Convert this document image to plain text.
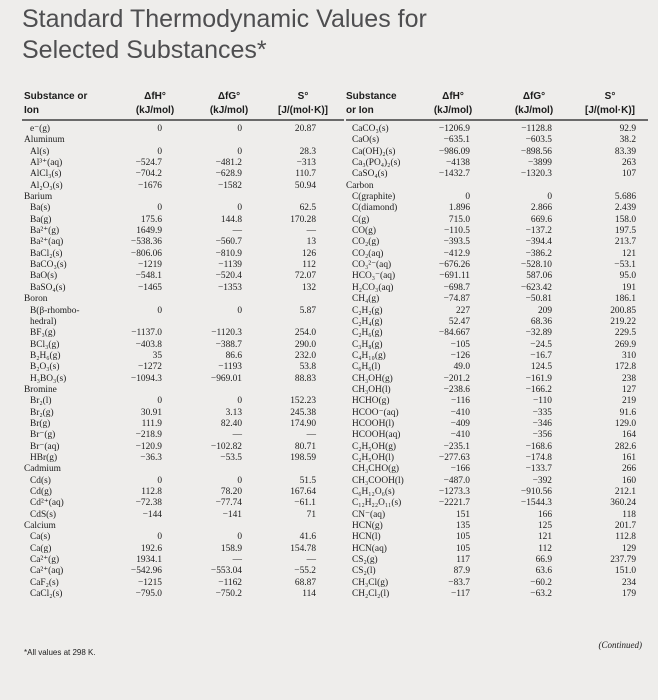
Standard Thermodynamic Values for
Selected Substances*
Substance or
Ion
ΔfH°
(kJ/mol)
ΔfG°
(kJ/mol)
S°
[J/(mol·K)]
Substance
or Ion
ΔfH°
(kJ/mol)
ΔfG°
(kJ/mol)
S°
[J/(mol·K)]
e⁻(g)
Aluminum
Al(s)
Al³⁺(aq)
AlCl₃(s)
Al₂O₃(s)
Barium
Ba(s)
Ba(g)
Ba²⁺(g)
Ba²⁺(aq)
BaCl₂(s)
BaCO₃(s)
BaO(s)
BaSO₄(s)
Boron
B(β-rhombo-
hedral)
BF₃(g)
BCl₃(g)
B₂H₆(g)
B₂O₃(s)
H₃BO₃(s)
Bromine
Br₂(l)
Br₂(g)
Br(g)
Br⁻(g)
Br⁻(aq)
HBr(g)
Cadmium
Cd(s)
Cd(g)
Cd²⁺(aq)
CdS(s)
Calcium
Ca(s)
Ca(g)
Ca²⁺(g)
Ca²⁺(aq)
CaF₂(s)
CaCl₂(s)
0
0
−524.7
−704.2
−1676
0
175.6
1649.9
−538.36
−806.06
−1219
−548.1
−1465
0
−1137.0
−403.8
35
−1272
−1094.3
0
30.91
111.9
−218.9
−120.9
−36.3
0
112.8
−72.38
−144
0
192.6
1934.1
−542.96
−1215
−795.0
0
0
−481.2
−628.9
−1582
0
144.8
—
−560.7
−810.9
−1139
−520.4
−1353
0
−1120.3
−388.7
86.6
−1193
−969.01
0
3.13
82.40
—
−102.82
−53.5
0
78.20
−77.74
−141
0
158.9
—
−553.04
−1162
−750.2
20.87
28.3
−313
110.7
50.94
62.5
170.28
—
13
126
112
72.07
132
5.87
254.0
290.0
232.0
53.8
88.83
152.23
245.38
174.90
—
80.71
198.59
51.5
167.64
−61.1
71
41.6
154.78
—
−55.2
68.87
114
CaCO₃(s)
CaO(s)
Ca(OH)₂(s)
Ca₃(PO₄)₂(s)
CaSO₄(s)
Carbon
C(graphite)
C(diamond)
C(g)
CO(g)
CO₂(g)
CO₂(aq)
CO₃²⁻(aq)
HCO₃⁻(aq)
H₂CO₃(aq)
CH₄(g)
C₂H₂(g)
C₂H₄(g)
C₂H₆(g)
C₃H₈(g)
C₄H₁₀(g)
C₆H₆(l)
CH₃OH(g)
CH₃OH(l)
HCHO(g)
HCOO⁻(aq)
HCOOH(l)
HCOOH(aq)
C₂H₅OH(g)
C₂H₅OH(l)
CH₃CHO(g)
CH₃COOH(l)
C₆H₁₂O₆(s)
C₁₂H₂₂O₁₁(s)
CN⁻(aq)
HCN(g)
HCN(l)
HCN(aq)
CS₂(g)
CS₂(l)
CH₃Cl(g)
CH₂Cl₂(l)
−1206.9
−635.1
−986.09
−4138
−1432.7
0
1.896
715.0
−110.5
−393.5
−412.9
−676.26
−691.11
−698.7
−74.87
227
52.47
−84.667
−105
−126
49.0
−201.2
−238.6
−116
−410
−409
−410
−235.1
−277.63
−166
−487.0
−1273.3
−2221.7
151
135
105
105
117
87.9
−83.7
−117
−1128.8
−603.5
−898.56
−3899
−1320.3
0
2.866
669.6
−137.2
−394.4
−386.2
−528.10
587.06
−623.42
−50.81
209
68.36
−32.89
−24.5
−16.7
124.5
−161.9
−166.2
−110
−335
−346
−356
−168.6
−174.8
−133.7
−392
−910.56
−1544.3
166
125
121
112
66.9
63.6
−60.2
−63.2
92.9
38.2
83.39
263
107
5.686
2.439
158.0
197.5
213.7
121
−53.1
95.0
191
186.1
200.85
219.22
229.5
269.9
310
172.8
238
127
219
91.6
129.0
164
282.6
161
266
160
212.1
360.24
118
201.7
112.8
129
237.79
151.0
234
179
*All values at 298 K.
(Continued)
